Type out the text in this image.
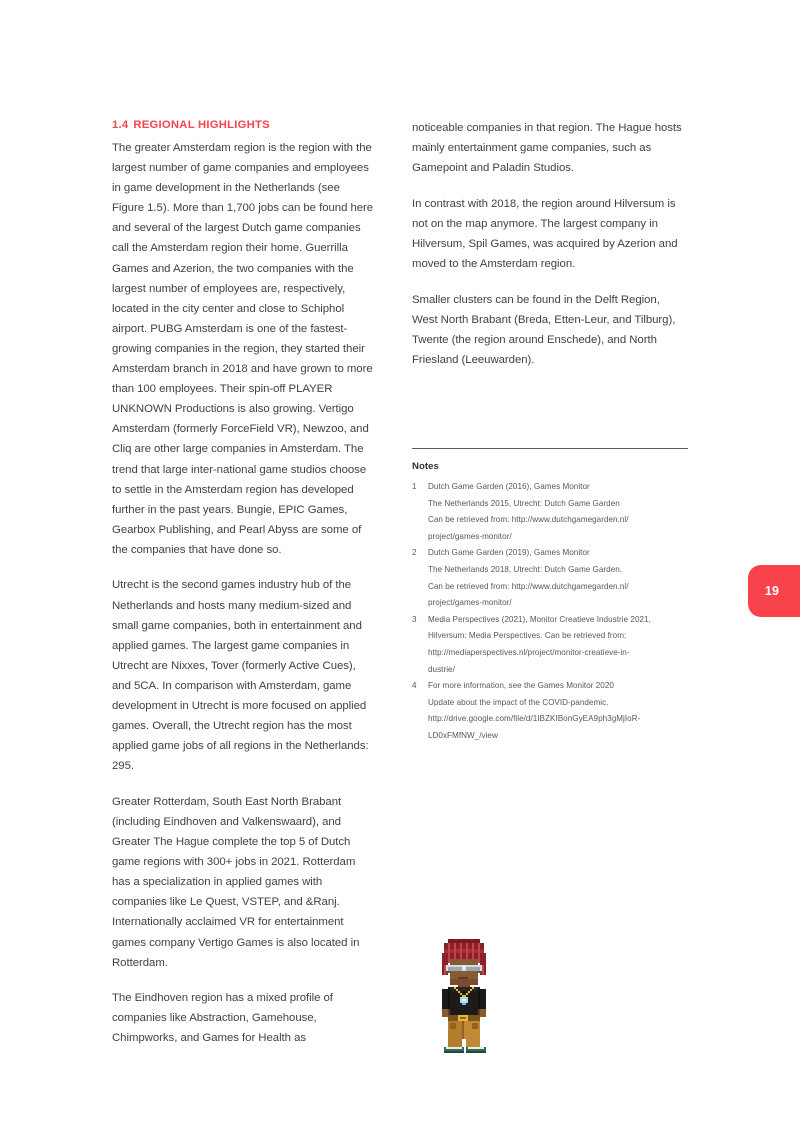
1.4 REGIONAL HIGHLIGHTS

The greater Amsterdam region is the region with the largest number of game companies and employees in game development in the Netherlands (see Figure 1.5). More than 1,700 jobs can be found here and several of the largest Dutch game companies call the Amsterdam region their home. Guerrilla Games and Azerion, the two companies with the largest number of employees are, respectively, located in the city center and close to Schiphol airport. PUBG Amsterdam is one of the fastest-growing companies in the region, they started their Amsterdam branch in 2018 and have grown to more than 100 employees. Their spin-off PLAYER UNKNOWN Productions is also growing. Vertigo Amsterdam (formerly ForceField VR), Newzoo, and Cliq are other large companies in Amsterdam. The trend that large inter-national game studios choose to settle in the Amsterdam region has developed further in the past years. Bungie, EPIC Games, Gearbox Publishing, and Pearl Abyss are some of the companies that have done so.

Utrecht is the second games industry hub of the Netherlands and hosts many medium-sized and small game companies, both in entertainment and applied games. The largest game companies in Utrecht are Nixxes, Tover (formerly Active Cues), and 5CA. In comparison with Amsterdam, game development in Utrecht is more focused on applied games. Overall, the Utrecht region has the most applied game jobs of all regions in the Netherlands: 295.

Greater Rotterdam, South East North Brabant (including Eindhoven and Valkenswaard), and Greater The Hague complete the top 5 of Dutch game regions with 300+ jobs in 2021. Rotterdam has a specialization in applied games with companies like Le Quest, VSTEP, and &Ranj. Internationally acclaimed VR for entertainment games company Vertigo Games is also located in Rotterdam.

The Eindhoven region has a mixed profile of companies like Abstraction, Gamehouse, Chimpworks, and Games for Health as

noticeable companies in that region. The Hague hosts mainly entertainment game companies, such as Gamepoint and Paladin Studios.

In contrast with 2018, the region around Hilversum is not on the map anymore. The largest company in Hilversum, Spil Games, was acquired by Azerion and moved to the Amsterdam region.

Smaller clusters can be found in the Delft Region, West North Brabant (Breda, Etten-Leur, and Tilburg), Twente (the region around Enschede), and North Friesland (Leeuwarden).

Notes
1	Dutch Game Garden (2016), Games Monitor
The Netherlands 2015, Utrecht: Dutch Game Garden
Can be retrieved from: http://www.dutchgamegarden.nl/
project/games-monitor/
2	Dutch Game Garden (2019), Games Monitor
The Netherlands 2018, Utrecht: Dutch Game Garden.
Can be retrieved from: http://www.dutchgamegarden.nl/
project/games-monitor/
3	Media Perspectives (2021), Monitor Creatieve Industrie 2021,
Hilversum: Media Perspectives. Can be retrieved from:
http://mediaperspectives.nl/project/monitor-creatieve-in-
dustrie/
4	For more information, see the Games Monitor 2020
Update about the impact of the COVID-pandemic.
http://drive.google.com/file/d/1IBZKIBonGyEA9ph3gMjIoR-
LD0xFMfNW_/view
19
